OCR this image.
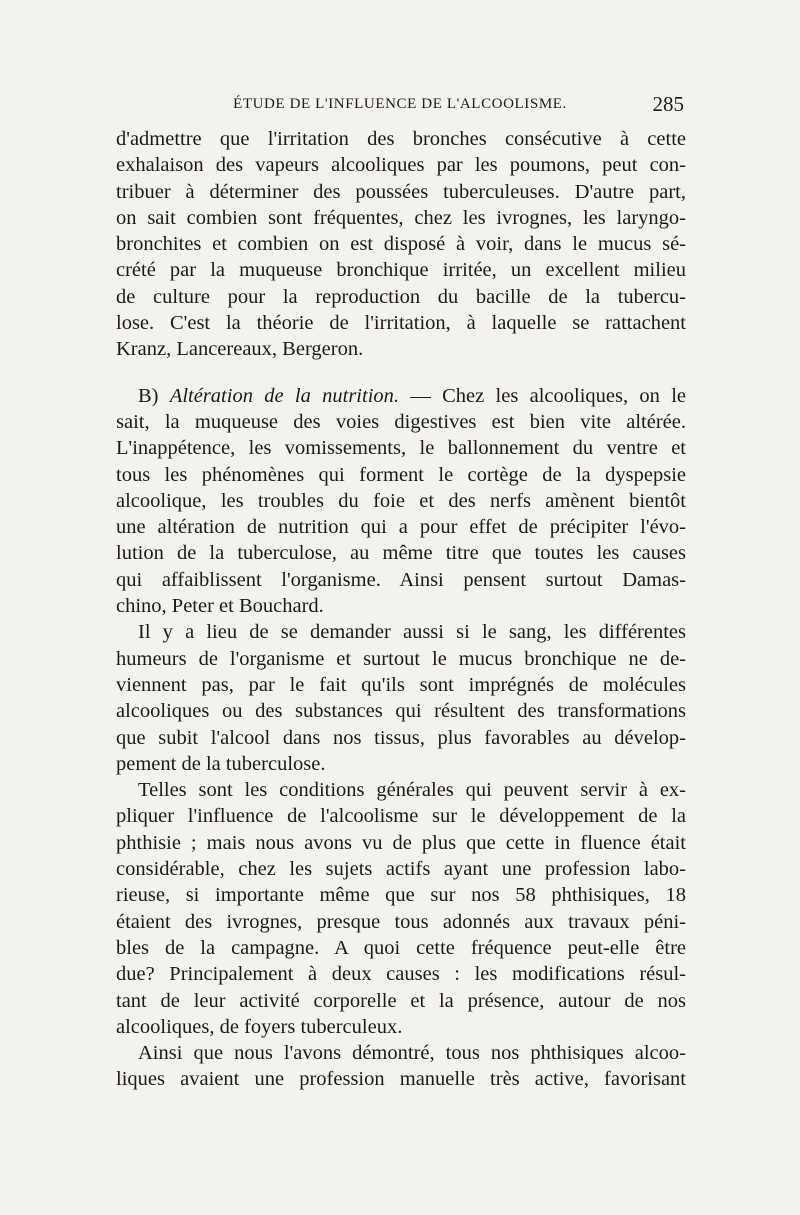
ÉTUDE DE L'INFLUENCE DE L'ALCOOLISME.	285
d'admettre que l'irritation des bronches consécutive à cette
exhalaison des vapeurs alcooliques par les poumons, peut con-
tribuer à déterminer des poussées tuberculeuses. D'autre part,
on sait combien sont fréquentes, chez les ivrognes, les laryngo-
bronchites et combien on est disposé à voir, dans le mucus sé-
crété par la muqueuse bronchique irritée, un excellent milieu
de culture pour la reproduction du bacille de la tubercu-
lose. C'est la théorie de l'irritation, à laquelle se rattachent
Kranz, Lancereaux, Bergeron.
B) Altération de la nutrition. — Chez les alcooliques, on le
sait, la muqueuse des voies digestives est bien vite altérée.
L'inappétence, les vomissements, le ballonnement du ventre et
tous les phénomènes qui forment le cortège de la dyspepsie
alcoolique, les troubles du foie et des nerfs amènent bientôt
une altération de nutrition qui a pour effet de précipiter l'évo-
lution de la tuberculose, au même titre que toutes les causes
qui affaiblissent l'organisme. Ainsi pensent surtout Damas-
chino, Peter et Bouchard.
Il y a lieu de se demander aussi si le sang, les différentes
humeurs de l'organisme et surtout le mucus bronchique ne de-
viennent pas, par le fait qu'ils sont imprégnés de molécules
alcooliques ou des substances qui résultent des transformations
que subit l'alcool dans nos tissus, plus favorables au dévelop-
pement de la tuberculose.
Telles sont les conditions générales qui peuvent servir à ex-
pliquer l'influence de l'alcoolisme sur le développement de la
phthisie ; mais nous avons vu de plus que cette in fluence était
considérable, chez les sujets actifs ayant une profession labo-
rieuse, si importante même que sur nos 58 phthisiques, 18
étaient des ivrognes, presque tous adonnés aux travaux péni-
bles de la campagne. A quoi cette fréquence peut-elle être
due? Principalement à deux causes : les modifications résul-
tant de leur activité corporelle et la présence, autour de nos
alcooliques, de foyers tuberculeux.
Ainsi que nous l'avons démontré, tous nos phthisiques alcoo-
liques avaient une profession manuelle très active, favorisant
